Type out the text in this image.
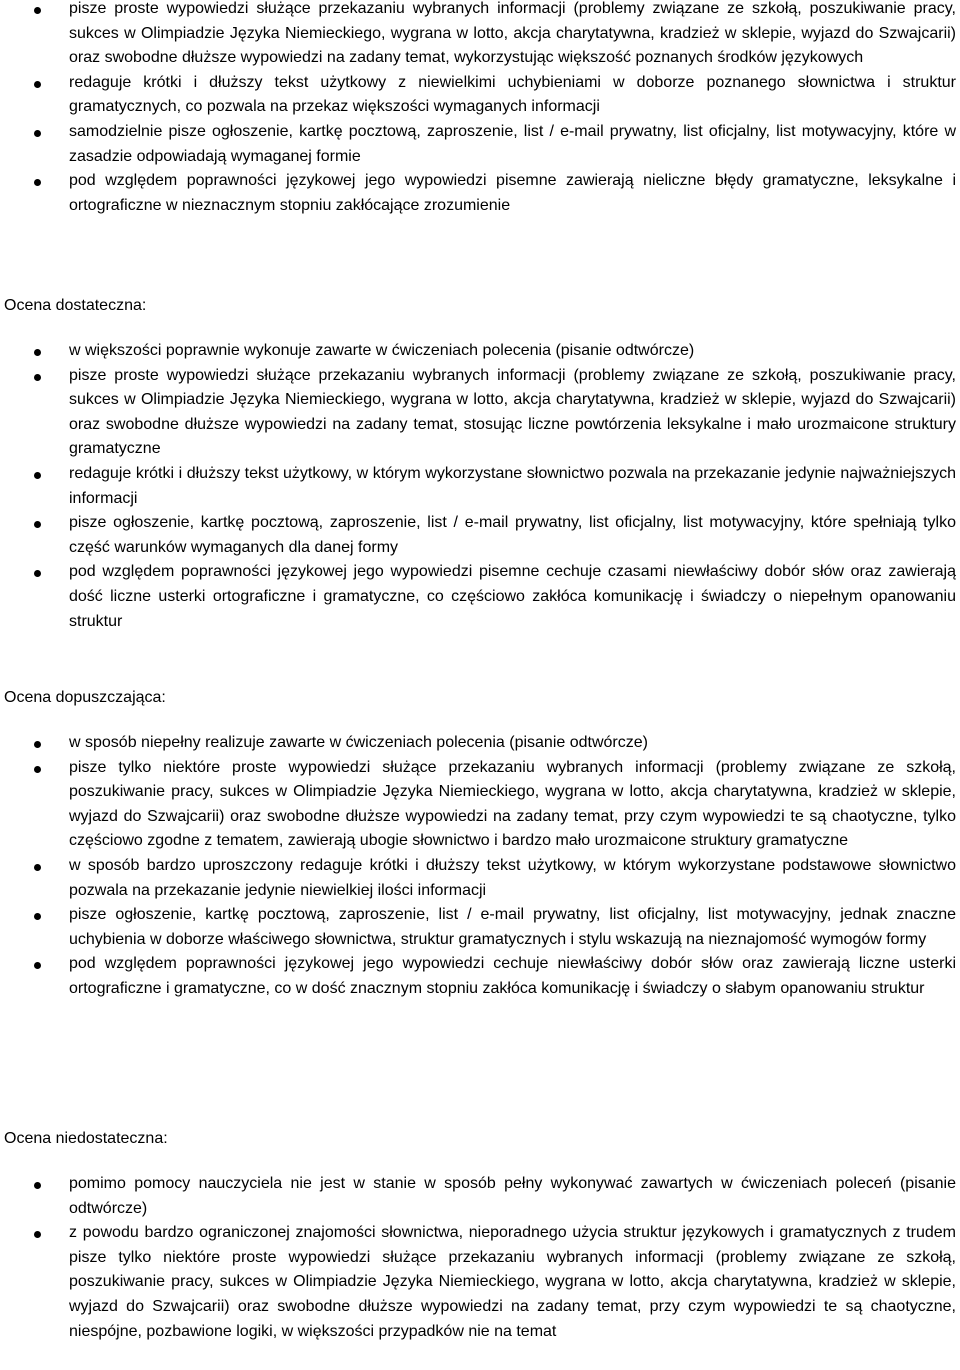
pisze proste wypowiedzi służące przekazaniu wybranych informacji (problemy związane ze szkołą, poszukiwanie pracy, sukces w Olimpiadzie Języka Niemieckiego, wygrana w lotto, akcja charytatywna, kradzież w sklepie, wyjazd do Szwajcarii) oraz swobodne dłuższe wypowiedzi na zadany temat, wykorzystując większość poznanych środków językowych
redaguje krótki i dłuższy tekst użytkowy z niewielkimi uchybieniami w doborze poznanego słownictwa i struktur gramatycznych, co pozwala na przekaz większości wymaganych informacji
samodzielnie pisze ogłoszenie, kartkę pocztową, zaproszenie, list / e-mail prywatny, list oficjalny, list motywacyjny, które w zasadzie odpowiadają wymaganej formie
pod względem poprawności językowej jego wypowiedzi pisemne zawierają nieliczne błędy gramatyczne, leksykalne i ortograficzne w nieznacznym stopniu zakłócające zrozumienie
Ocena dostateczna:
w większości poprawnie wykonuje zawarte w ćwiczeniach polecenia (pisanie odtwórcze)
pisze proste wypowiedzi służące przekazaniu wybranych informacji (problemy związane ze szkołą, poszukiwanie pracy, sukces w Olimpiadzie Języka Niemieckiego, wygrana w lotto, akcja charytatywna, kradzież w sklepie, wyjazd do Szwajcarii) oraz swobodne dłuższe wypowiedzi na zadany temat, stosując liczne powtórzenia leksykalne i mało urozmaicone struktury gramatyczne
redaguje krótki i dłuższy tekst użytkowy, w którym wykorzystane słownictwo pozwala na przekazanie jedynie najważniejszych informacji
pisze ogłoszenie, kartkę pocztową, zaproszenie, list / e-mail prywatny, list oficjalny, list motywacyjny, które spełniają tylko część warunków wymaganych dla danej formy
pod względem poprawności językowej jego wypowiedzi pisemne cechuje czasami niewłaściwy dobór słów oraz zawierają dość liczne usterki ortograficzne i gramatyczne, co częściowo zakłóca komunikację i świadczy o niepełnym opanowaniu struktur
Ocena dopuszczająca:
w sposób niepełny realizuje zawarte w ćwiczeniach polecenia (pisanie odtwórcze)
pisze tylko niektóre proste wypowiedzi służące przekazaniu wybranych informacji (problemy związane ze szkołą, poszukiwanie pracy, sukces w Olimpiadzie Języka Niemieckiego, wygrana w lotto, akcja charytatywna, kradzież w sklepie, wyjazd do Szwajcarii) oraz swobodne dłuższe wypowiedzi na zadany temat, przy czym wypowiedzi te są chaotyczne, tylko częściowo zgodne z tematem, zawierają ubogie słownictwo i bardzo mało urozmaicone struktury gramatyczne
w sposób bardzo uproszczony redaguje krótki i dłuższy tekst użytkowy, w którym wykorzystane podstawowe słownictwo pozwala na przekazanie jedynie niewielkiej ilości informacji
pisze ogłoszenie, kartkę pocztową, zaproszenie, list / e-mail prywatny, list oficjalny, list motywacyjny, jednak znaczne uchybienia w doborze właściwego słownictwa, struktur gramatycznych i stylu wskazują na nieznajomość wymogów formy
pod względem poprawności językowej jego wypowiedzi cechuje niewłaściwy dobór słów oraz zawierają liczne usterki ortograficzne i gramatyczne, co w dość znacznym stopniu zakłóca komunikację i świadczy o słabym opanowaniu struktur
Ocena niedostateczna:
pomimo pomocy nauczyciela nie jest w stanie w sposób pełny wykonywać zawartych w ćwiczeniach poleceń (pisanie odtwórcze)
z powodu bardzo ograniczonej znajomości słownictwa, nieporadnego użycia struktur językowych i gramatycznych z trudem pisze tylko niektóre proste wypowiedzi służące przekazaniu wybranych informacji (problemy związane ze szkołą, poszukiwanie pracy, sukces w Olimpiadzie Języka Niemieckiego, wygrana w lotto, akcja charytatywna, kradzież w sklepie, wyjazd do Szwajcarii) oraz swobodne dłuższe wypowiedzi na zadany temat, przy czym wypowiedzi te są chaotyczne, niespójne, pozbawione logiki, w większości przypadków nie na temat
